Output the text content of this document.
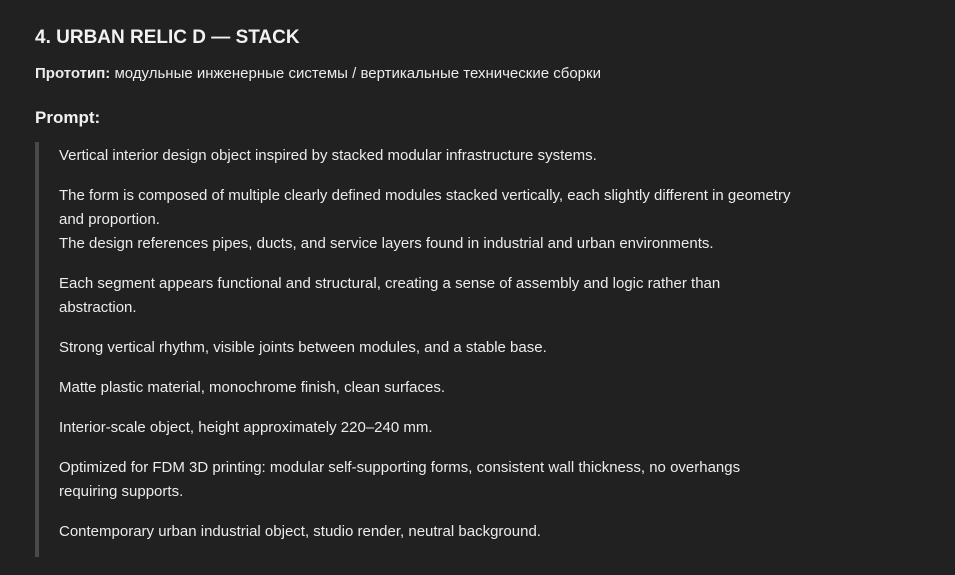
4. URBAN RELIC D — STACK
Прототип: модульные инженерные системы / вертикальные технические сборки
Prompt:

Vertical interior design object inspired by stacked modular infrastructure systems.

The form is composed of multiple clearly defined modules stacked vertically, each slightly different in geometry and proportion.
The design references pipes, ducts, and service layers found in industrial and urban environments.

Each segment appears functional and structural, creating a sense of assembly and logic rather than abstraction.

Strong vertical rhythm, visible joints between modules, and a stable base.

Matte plastic material, monochrome finish, clean surfaces.

Interior-scale object, height approximately 220–240 mm.

Optimized for FDM 3D printing: modular self-supporting forms, consistent wall thickness, no overhangs requiring supports.

Contemporary urban industrial object, studio render, neutral background.
